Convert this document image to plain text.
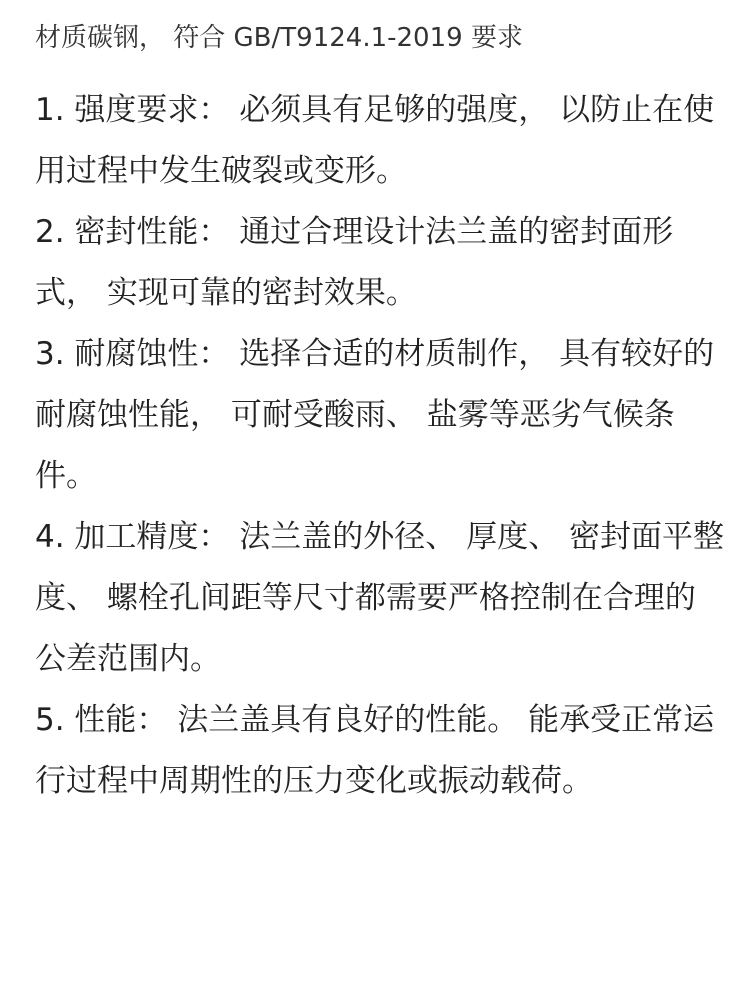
材质碳钢， 符合 GB/T9124.1-2019 要求

1. 强度要求： 必须具有足够的强度， 以防止在使用过程中发生破裂或变形。

2. 密封性能： 通过合理设计法兰盖的密封面形式， 实现可靠的密封效果。

3. 耐腐蚀性： 选择合适的材质制作， 具有较好的耐腐蚀性能， 可耐受酸雨、 盐雾等恶劣气候条件。

4. 加工精度： 法兰盖的外径、 厚度、 密封面平整度、 螺栓孔间距等尺寸都需要严格控制在合理的公差范围内。

5. 性能： 法兰盖具有良好的性能。 能承受正常运行过程中周期性的压力变化或振动载荷。
